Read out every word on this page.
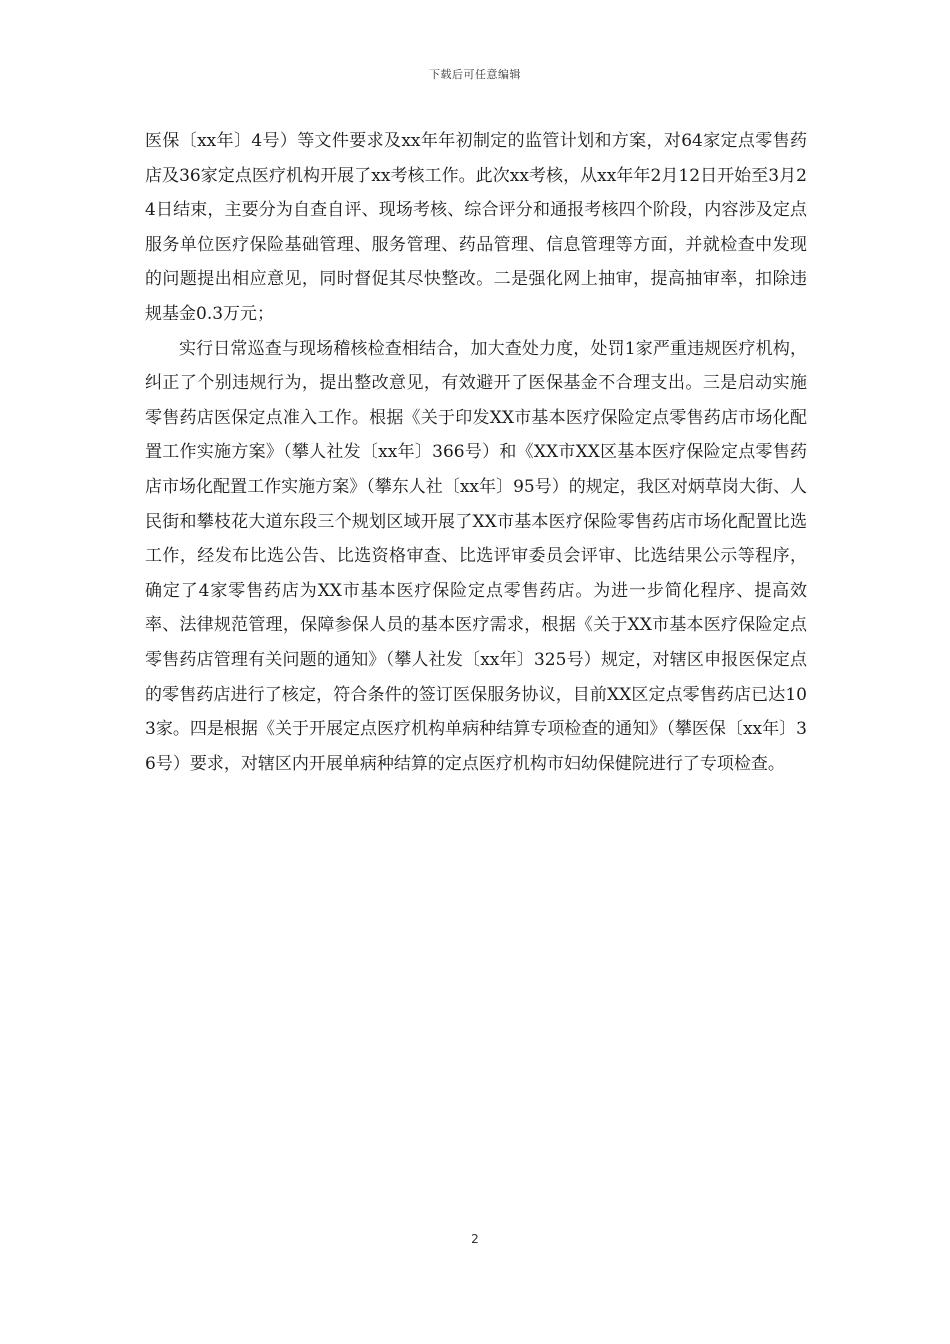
下载后可任意编辑

医保〔xx年〕4号）等文件要求及xx年年初制定的监管计划和方案，对64家定点零售药店及36家定点医疗机构开展了xx考核工作。此次xx考核，从xx年年2月12日开始至3月24日结束，主要分为自查自评、现场考核、综合评分和通报考核四个阶段，内容涉及定点服务单位医疗保险基础管理、服务管理、药品管理、信息管理等方面，并就检查中发现的问题提出相应意见，同时督促其尽快整改。二是强化网上抽审，提高抽审率，扣除违规基金0.3万元；

实行日常巡查与现场稽核检查相结合，加大查处力度，处罚1家严重违规医疗机构，纠正了个别违规行为，提出整改意见，有效避开了医保基金不合理支出。三是启动实施零售药店医保定点准入工作。根据《关于印发XX市基本医疗保险定点零售药店市场化配置工作实施方案》（攀人社发〔xx年〕366号）和《XX市XX区基本医疗保险定点零售药店市场化配置工作实施方案》（攀东人社〔xx年〕95号）的规定，我区对炳草岗大街、人民街和攀枝花大道东段三个规划区域开展了XX市基本医疗保险零售药店市场化配置比选工作，经发布比选公告、比选资格审查、比选评审委员会评审、比选结果公示等程序，确定了4家零售药店为XX市基本医疗保险定点零售药店。为进一步简化程序、提高效率、法律规范管理，保障参保人员的基本医疗需求，根据《关于XX市基本医疗保险定点零售药店管理有关问题的通知》（攀人社发〔xx年〕325号）规定，对辖区申报医保定点的零售药店进行了核定，符合条件的签订医保服务协议，目前XX区定点零售药店已达103家。四是根据《关于开展定点医疗机构单病种结算专项检查的通知》（攀医保〔xx年〕36号）要求，对辖区内开展单病种结算的定点医疗机构市妇幼保健院进行了专项检查。

2
